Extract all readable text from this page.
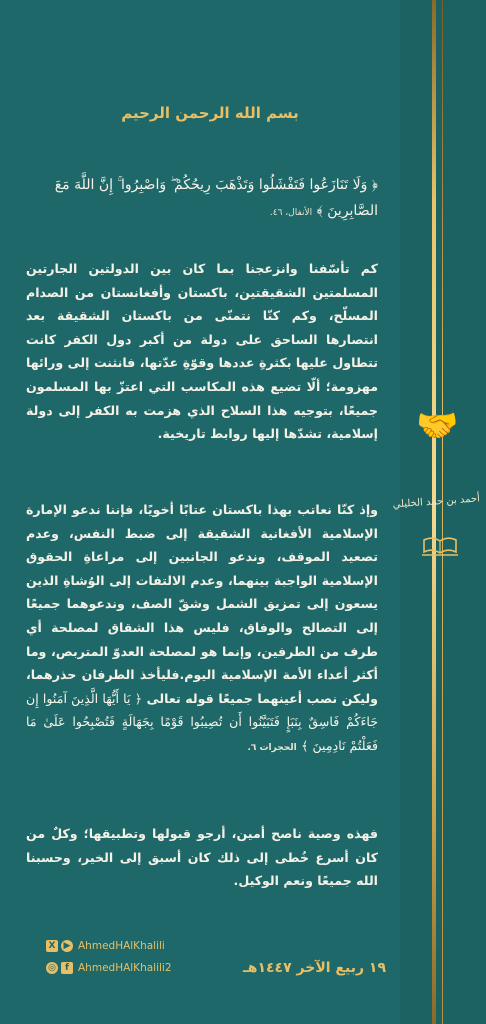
🤝
أحمد بن حمد الخليلي
بسم الله الرحمن الرحيم
﴿ وَلَا تَنَازَعُوا فَتَفْشَلُوا وَتَذْهَبَ رِيحُكُمْ ۖ وَاصْبِرُوا ۚ إِنَّ اللَّهَ مَعَ الصَّابِرِينَ ﴾ الأنفال، ٤٦.
كم تأسّفنا وانزعجنا بما كان بين الدولتين الجارتين المسلمتين الشقيقتين، باكستان وأفغانستان من الصدام المسلّح، وكم كنّا نتمنّى من باكستان الشقيقة بعد انتصارها الساحق على دولة من أكبر دول الكفر كانت تتطاول عليها بكثرةِ عددها وقوّةِ عدّتها، فانثنت إلى ورائها مهزومة؛ ألّا تضيع هذه المكاسب التي اعتزّ بها المسلمون جميعًا، بتوجيه هذا السلاح الذي هزمت به الكفر إلى دولة إسلامية، تشدّها إليها روابط تاريخية.
وإذ كنّا نعاتب بهذا باكستان عتابًا أخويًا، فإننا ندعو الإمارة الإسلامية الأفغانية الشقيقة إلى ضبط النفس، وعدم تصعيد الموقف، وندعو الجانبين إلى مراعاةِ الحقوق الإسلامية الواجبة بينهما، وعدم الالتفات إلى الوُشاةِ الذين يسعون إلى تمزيق الشمل وشقّ الصف، وندعوهما جميعًا إلى التصالح والوفاق، فليس هذا الشقاق لمصلحة أي طرف من الطرفين، وإنما هو لمصلحة العدوّ المتربص، وما أكثر أعداء الأمة الإسلامية اليوم.فليأخذ الطرفان حذرهما، وليكن نصب أعينهما جميعًا قوله تعالى ﴿ يَا أَيُّهَا الَّذِينَ آمَنُوا إِن جَاءَكُمْ فَاسِقٌ بِنَبَإٍ فَتَبَيَّنُوا أَن تُصِيبُوا قَوْمًا بِجَهَالَةٍ فَتُصْبِحُوا عَلَىٰ مَا فَعَلْتُمْ نَادِمِينَ ﴾ الحجرات ٦.
فهذه وصية ناصح أمين، أرجو قبولها وتطبيقها؛ وكلٌ من كان أسرع خُطى إلى ذلك كان أسبق إلى الخير، وحسبنا الله جميعًا ونعم الوكيل.
١٩ ربيع الآخر ١٤٤٧هـ
X ▶ AhmedHAlKhalili
◎	f AhmedHAlKhalili2
